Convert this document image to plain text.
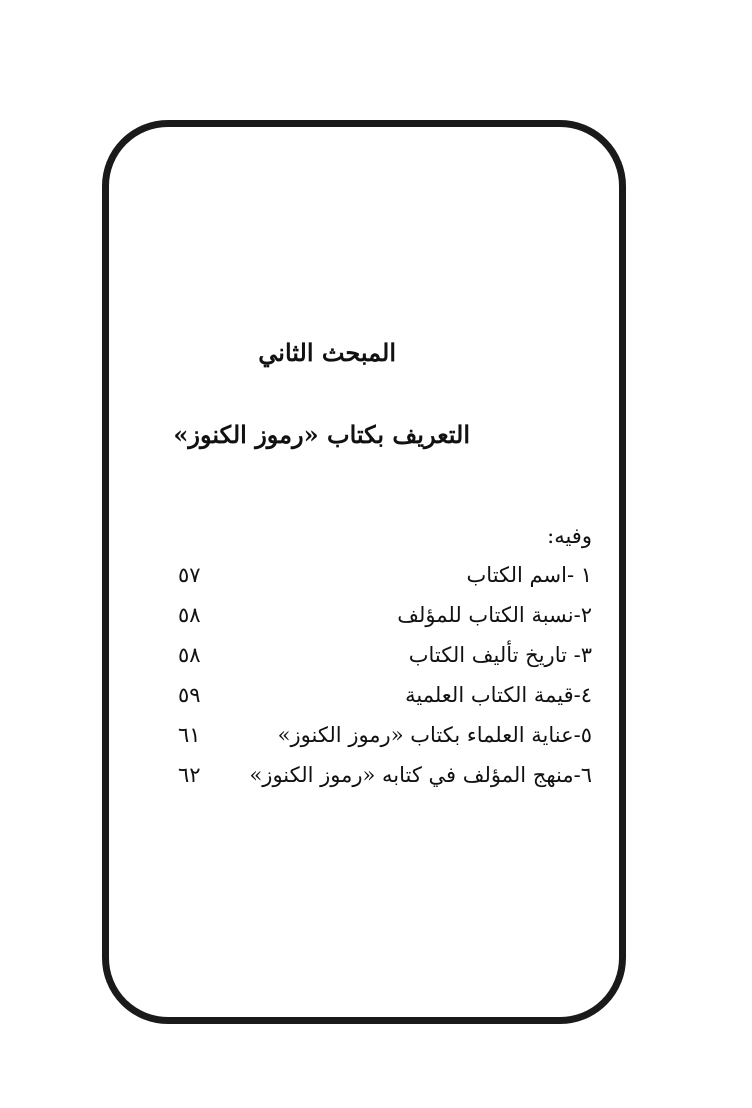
المبحث الثاني
التعريف بكتاب «رموز الكنوز»
وفيه:
١ -اسم الكتاب
٥٧
٢-نسبة الكتاب للمؤلف
٥٨
٣- تاريخ تأليف الكتاب
٥٨
٤-قيمة الكتاب العلمية
٥٩
٥-عناية العلماء بكتاب «رموز الكنوز»
٦١
٦-منهج المؤلف في كتابه «رموز الكنوز»
٦٢
